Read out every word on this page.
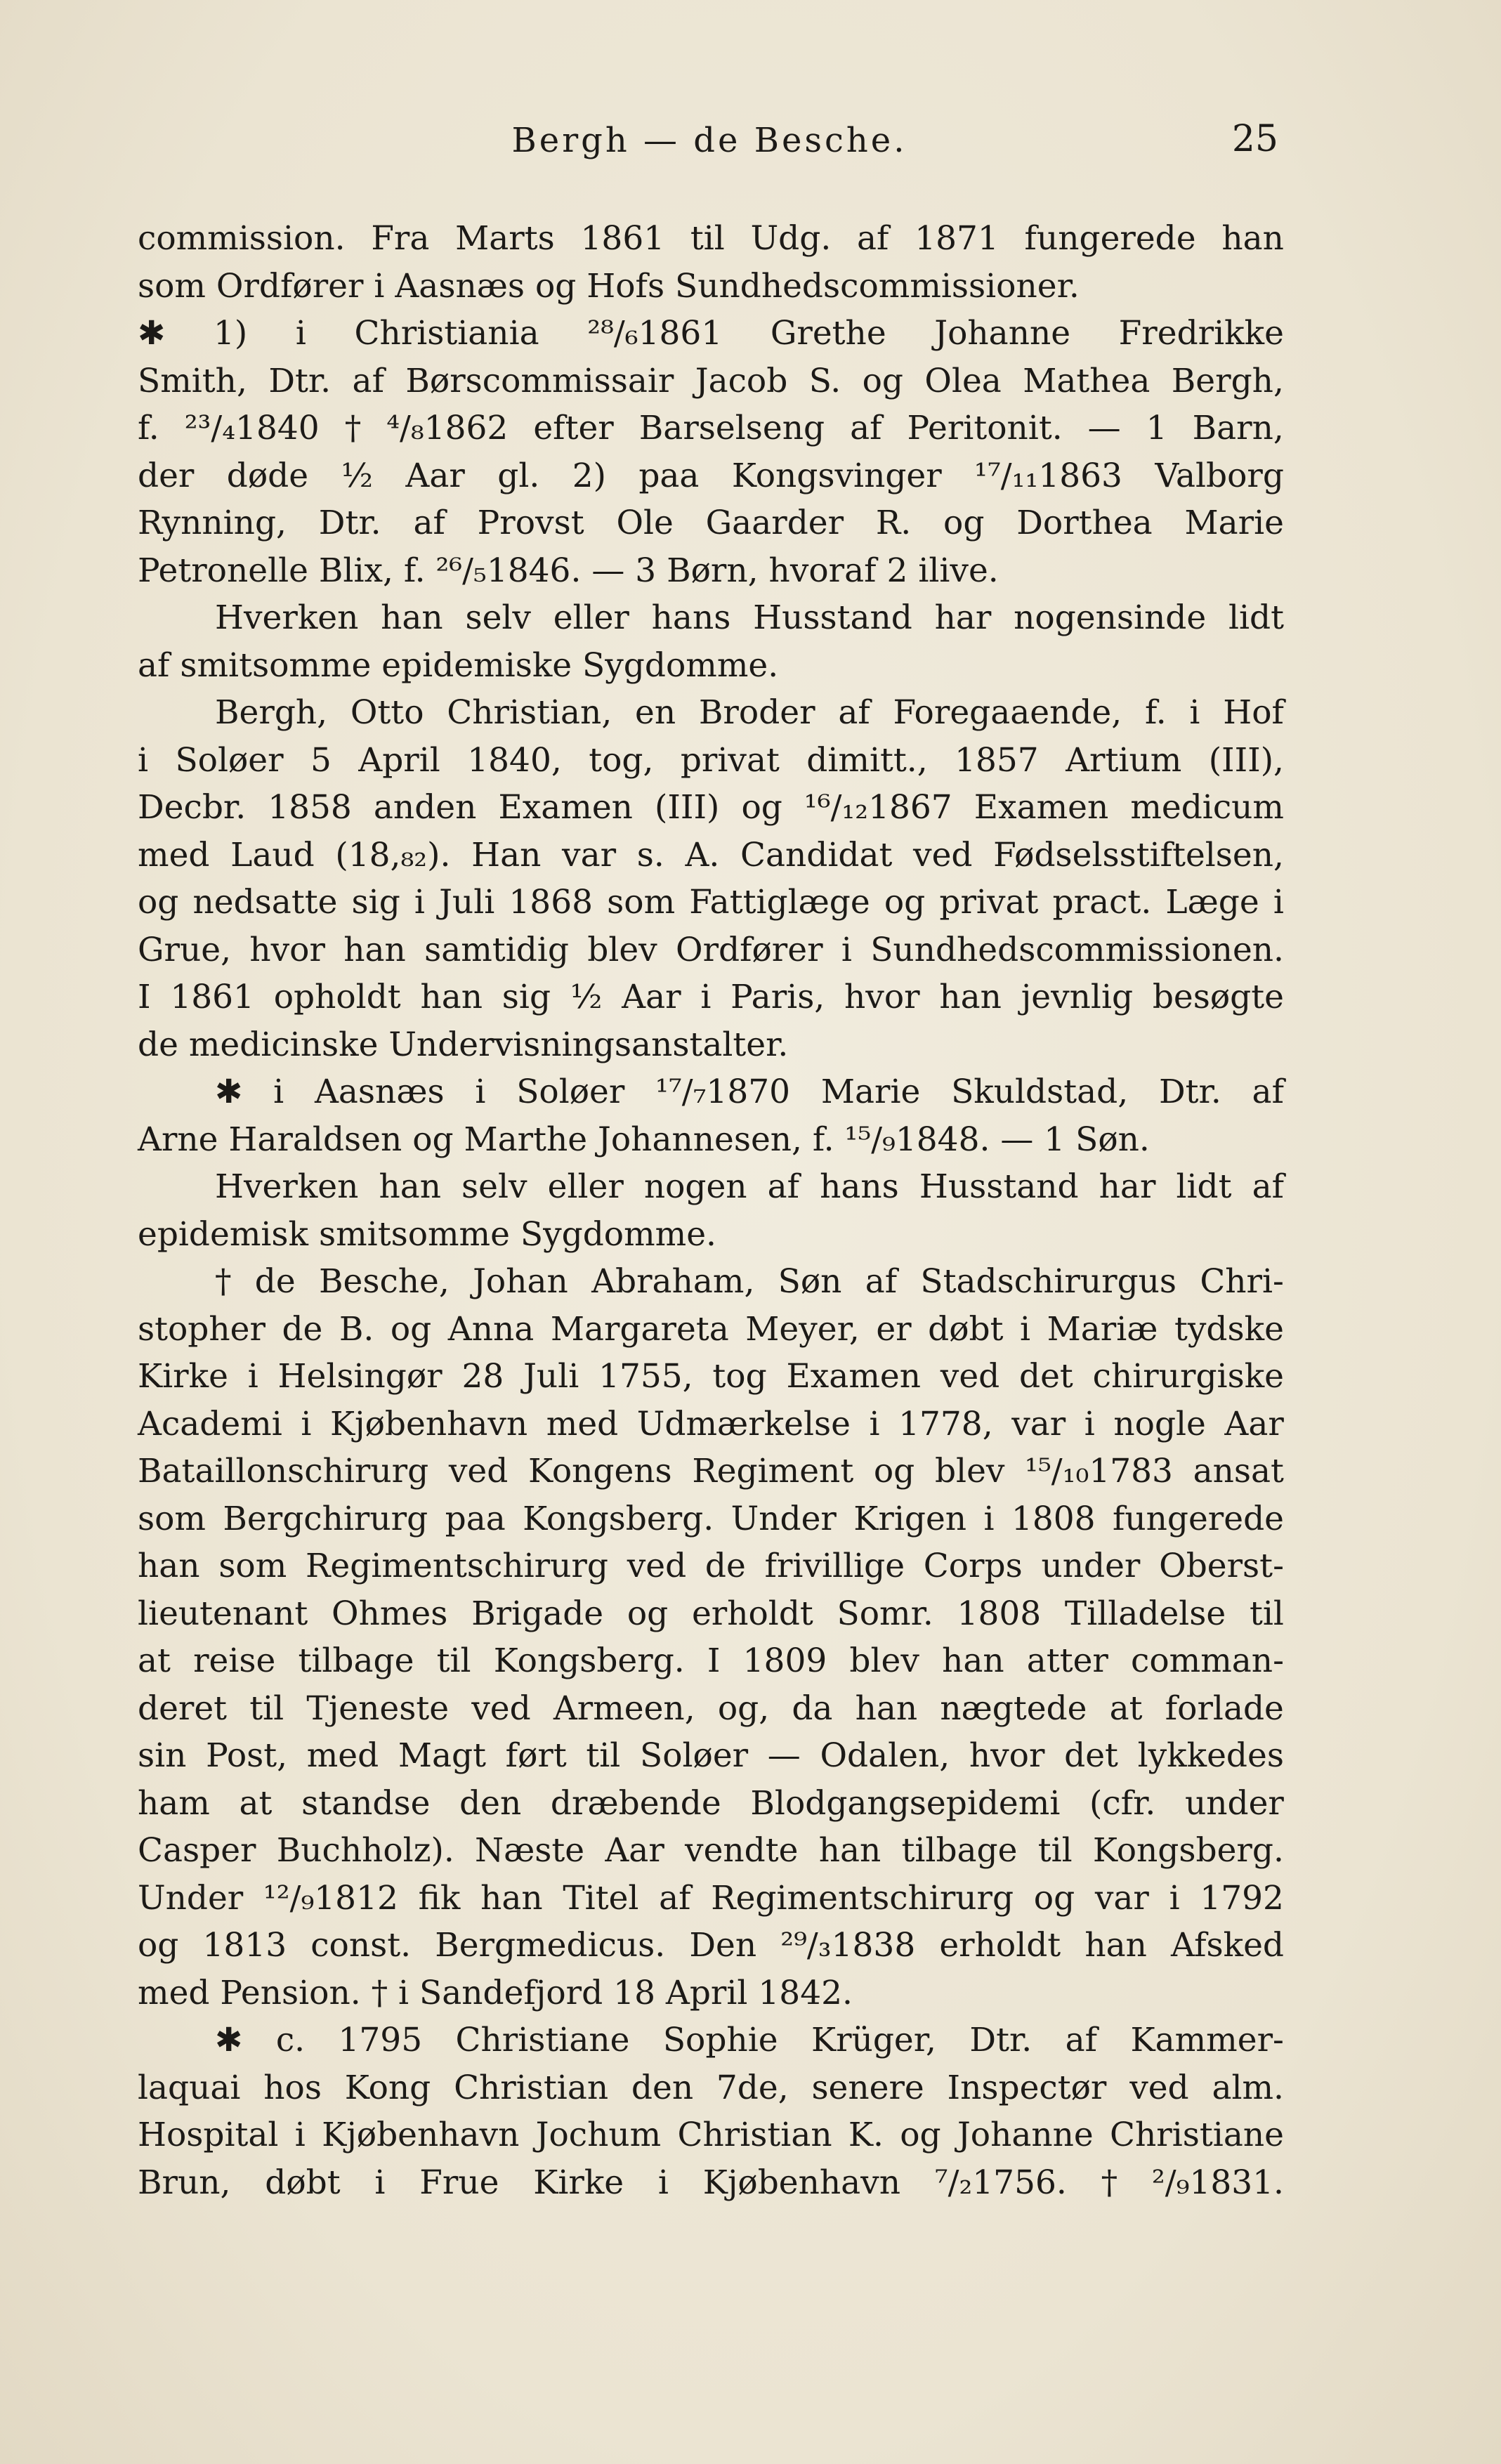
Bergh — de Besche.	25
commission. Fra Marts 1861 til Udg. af 1871 fungerede han
som Ordfører i Aasnæs og Hofs Sundhedscommissioner.
✱ 1) i Christiania ²⁸/₆1861 Grethe Johanne Fredrikke
Smith, Dtr. af Børscommissair Jacob S. og Olea Mathea Bergh,
f. ²³/₄1840 † ⁴/₈1862 efter Barselseng af Peritonit. — 1 Barn,
der døde ½ Aar gl. 2) paa Kongsvinger ¹⁷/₁₁1863 Valborg
Rynning, Dtr. af Provst Ole Gaarder R. og Dorthea Marie
Petronelle Blix, f. ²⁶/₅1846. — 3 Børn, hvoraf 2 ilive.
Hverken han selv eller hans Husstand har nogensinde lidt
af smitsomme epidemiske Sygdomme.
Bergh, Otto Christian, en Broder af Foregaaende, f. i Hof
i Soløer 5 April 1840, tog, privat dimitt., 1857 Artium (III),
Decbr. 1858 anden Examen (III) og ¹⁶/₁₂1867 Examen medicum
med Laud (18,₈₂). Han var s. A. Candidat ved Fødselsstiftelsen,
og nedsatte sig i Juli 1868 som Fattiglæge og privat pract. Læge i
Grue, hvor han samtidig blev Ordfører i Sundhedscommissionen.
I 1861 opholdt han sig ½ Aar i Paris, hvor han jevnlig besøgte
de medicinske Undervisningsanstalter.
✱ i Aasnæs i Soløer ¹⁷/₇1870 Marie Skuldstad, Dtr. af
Arne Haraldsen og Marthe Johannesen, f. ¹⁵/₉1848. — 1 Søn.
Hverken han selv eller nogen af hans Husstand har lidt af
epidemisk smitsomme Sygdomme.
† de Besche, Johan Abraham, Søn af Stadschirurgus Chri-
stopher de B. og Anna Margareta Meyer, er døbt i Mariæ tydske
Kirke i Helsingør 28 Juli 1755, tog Examen ved det chirurgiske
Academi i Kjøbenhavn med Udmærkelse i 1778, var i nogle Aar
Bataillonschirurg ved Kongens Regiment og blev ¹⁵/₁₀1783 ansat
som Bergchirurg paa Kongsberg. Under Krigen i 1808 fungerede
han som Regimentschirurg ved de frivillige Corps under Oberst-
lieutenant Ohmes Brigade og erholdt Somr. 1808 Tilladelse til
at reise tilbage til Kongsberg. I 1809 blev han atter comman-
deret til Tjeneste ved Armeen, og, da han nægtede at forlade
sin Post, med Magt ført til Soløer — Odalen, hvor det lykkedes
ham at standse den dræbende Blodgangsepidemi (cfr. under
Casper Buchholz). Næste Aar vendte han tilbage til Kongsberg.
Under ¹²/₉1812 fik han Titel af Regimentschirurg og var i 1792
og 1813 const. Bergmedicus. Den ²⁹/₃1838 erholdt han Afsked
med Pension. † i Sandefjord 18 April 1842.
✱ c. 1795 Christiane Sophie Krüger, Dtr. af Kammer-
laquai hos Kong Christian den 7de, senere Inspectør ved alm.
Hospital i Kjøbenhavn Jochum Christian K. og Johanne Christiane
Brun, døbt i Frue Kirke i Kjøbenhavn ⁷/₂1756. † ²/₉1831.
